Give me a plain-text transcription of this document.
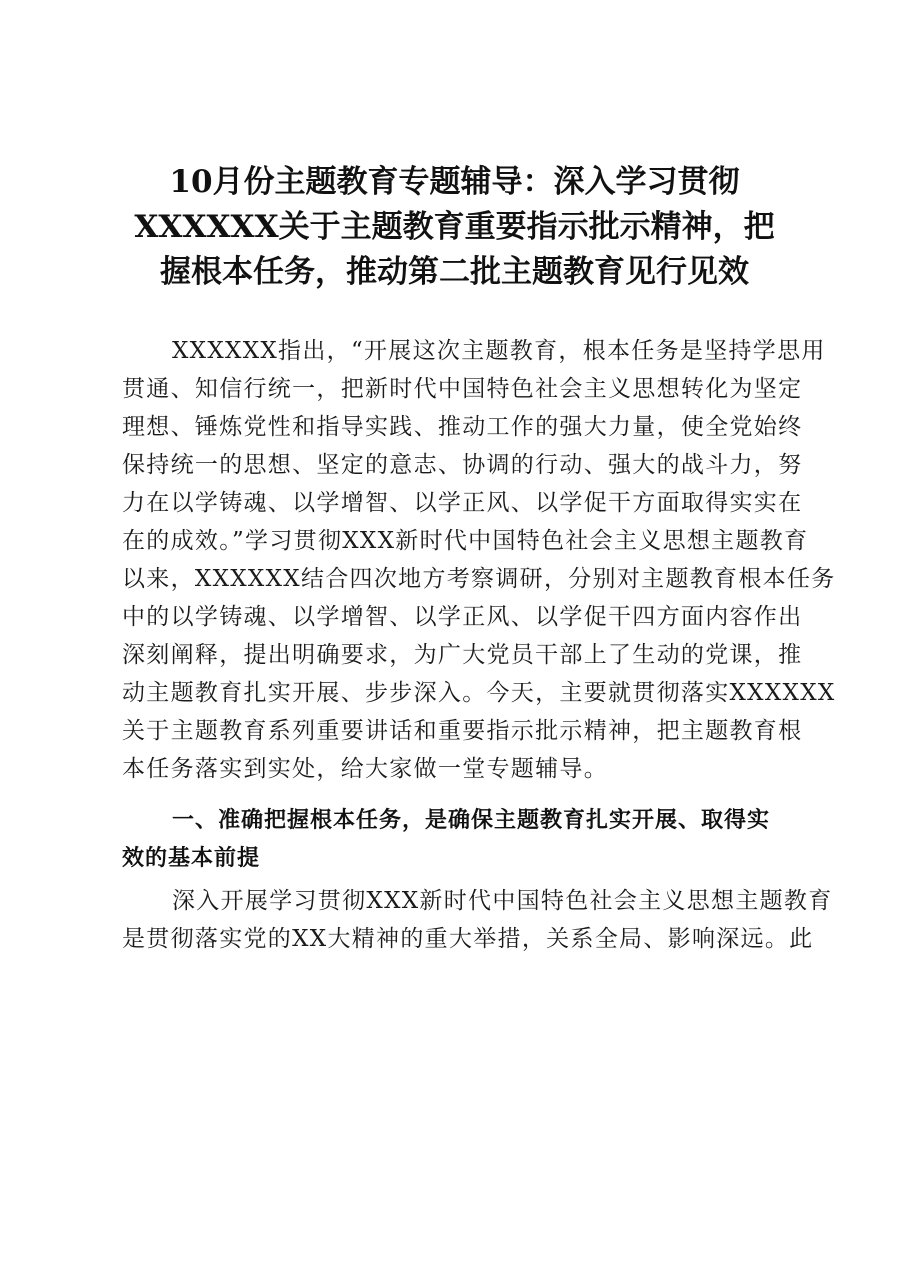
10月份主题教育专题辅导：深入学习贯彻
XXXXXX关于主题教育重要指示批示精神，把
握根本任务，推动第二批主题教育见行见效
XXXXXX指出，“开展这次主题教育，根本任务是坚持学思用
贯通、知信行统一，把新时代中国特色社会主义思想转化为坚定
理想、锤炼党性和指导实践、推动工作的强大力量，使全党始终
保持统一的思想、坚定的意志、协调的行动、强大的战斗力，努
力在以学铸魂、以学增智、以学正风、以学促干方面取得实实在
在的成效。”学习贯彻XXX新时代中国特色社会主义思想主题教育
以来，XXXXXX结合四次地方考察调研，分别对主题教育根本任务
中的以学铸魂、以学增智、以学正风、以学促干四方面内容作出
深刻阐释，提出明确要求，为广大党员干部上了生动的党课，推
动主题教育扎实开展、步步深入。今天，主要就贯彻落实XXXXXX
关于主题教育系列重要讲话和重要指示批示精神，把主题教育根
本任务落实到实处，给大家做一堂专题辅导。
一、准确把握根本任务，是确保主题教育扎实开展、取得实
效的基本前提
深入开展学习贯彻XXX新时代中国特色社会主义思想主题教育
是贯彻落实党的XX大精神的重大举措，关系全局、影响深远。此
